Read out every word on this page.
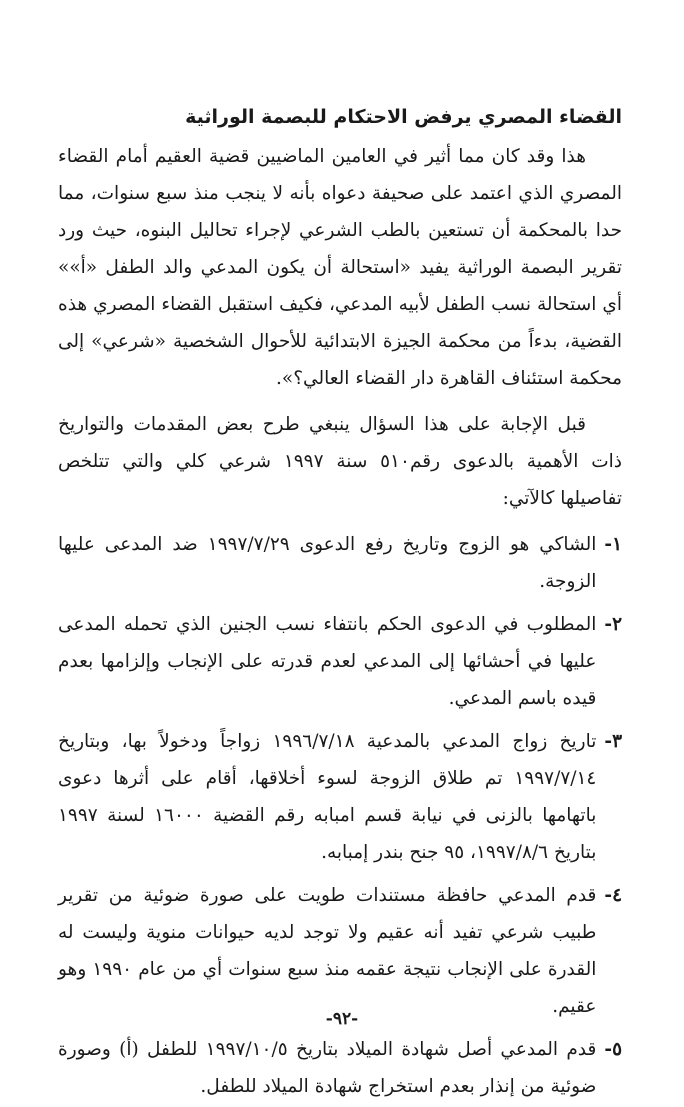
القضاء المصري يرفض الاحتكام للبصمة الوراثية

هذا وقد كان مما أثير في العامين الماضيين قضية العقيم أمام القضاء المصري الذي اعتمد على صحيفة دعواه بأنه لا ينجب منذ سبع سنوات، مما حدا بالمحكمة أن تستعين بالطب الشرعي لإجراء تحاليل البنوه، حيث ورد تقرير البصمة الوراثية يفيد «استحالة أن يكون المدعي والد الطفل «أ»» أي استحالة نسب الطفل لأبيه المدعي، فكيف استقبل القضاء المصري هذه القضية، بدءاً من محكمة الجيزة الابتدائية للأحوال الشخصية «شرعي» إلى محكمة استئناف القاهرة دار القضاء العالي؟».

قبل الإجابة على هذا السؤال ينبغي طرح بعض المقدمات والتواريخ ذات الأهمية بالدعوى رقم٥١٠ سنة ١٩٩٧ شرعي كلي والتي تتلخص تفاصيلها كالآتي:

١-
الشاكي هو الزوج وتاريخ رفع الدعوى ١٩٩٧/٧/٢٩ ضد المدعى عليها الزوجة.
٢-
المطلوب في الدعوى الحكم بانتفاء نسب الجنين الذي تحمله المدعى عليها في أحشائها إلى المدعي لعدم قدرته على الإنجاب وإلزامها بعدم قيده باسم المدعي.
٣-
تاريخ زواج المدعي بالمدعية ١٩٩٦/٧/١٨ زواجاً ودخولاً بها، وبتاريخ ١٩٩٧/٧/١٤ تم طلاق الزوجة لسوء أخلاقها، أقام على أثرها دعوى باتهامها بالزنى في نيابة قسم امبابه رقم القضية ١٦٠٠٠ لسنة ١٩٩٧ بتاريخ ١٩٩٧/٨/٦، ٩٥ جنح بندر إمبابه.
٤-
قدم المدعي حافظة مستندات طويت على صورة ضوئية من تقرير طبيب شرعي تفيد أنه عقيم ولا توجد لديه حيوانات منوية وليست له القدرة على الإنجاب نتيجة عقمه منذ سبع سنوات أي من عام ١٩٩٠ وهو عقيم.
٥-
قدم المدعي أصل شهادة الميلاد بتاريخ ١٩٩٧/١٠/٥ للطفل (أ) وصورة ضوئية من إنذار بعدم استخراج شهادة الميلاد للطفل.
-٩٢-
